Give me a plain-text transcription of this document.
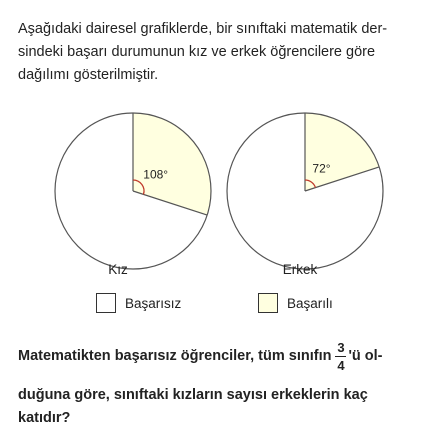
Aşağıdaki dairesel grafiklerde, bir sınıftaki matematik der-
sindeki başarı durumunun kız ve erkek öğrencilere göre
dağılımı gösterilmiştir.

108°	72°
Kız	Erkek
Başarısız	Başarılı
Matematikten başarısız öğrenciler, tüm sınıfın $\frac{3}{4}$ 'ü ol-
duğuna göre, sınıftaki kızların sayısı erkeklerin kaç
katıdır?
